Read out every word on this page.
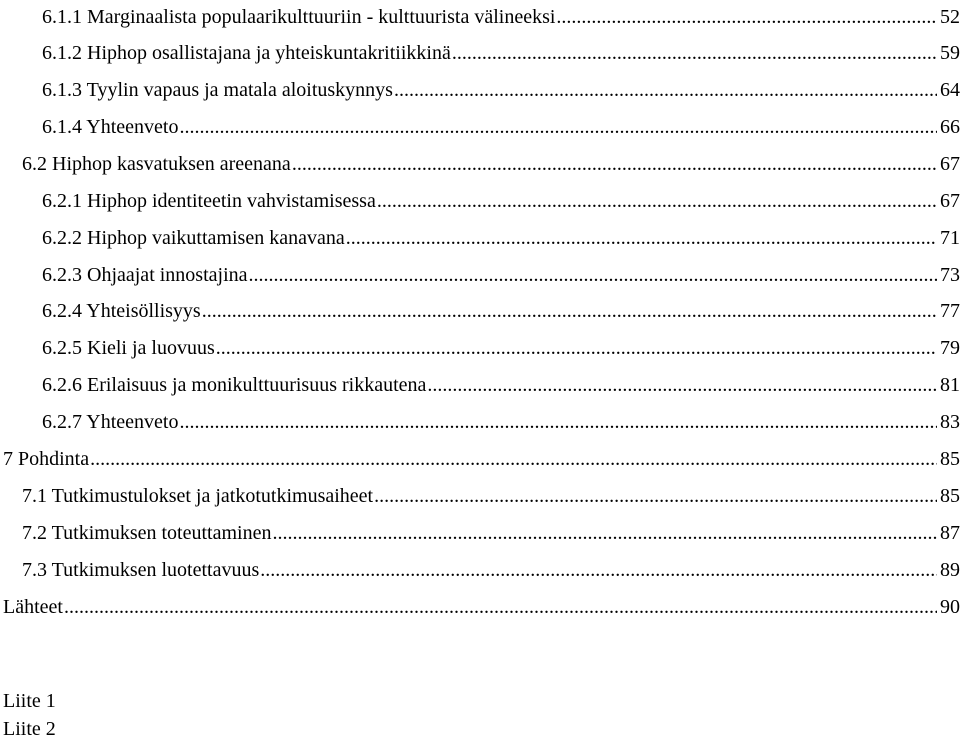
6.1.1 Marginaalista populaarikulttuuriin - kulttuurista välineeksi .....	52
6.1.2 Hiphop osallistajana ja yhteiskuntakritiikkinä .....	59
6.1.3 Tyylin vapaus ja matala aloituskynnys .....	64
6.1.4 Yhteenveto .....	66
6.2 Hiphop kasvatuksen areenana .....	67
6.2.1 Hiphop identiteetin vahvistamisessa .....	67
6.2.2 Hiphop vaikuttamisen kanavana .....	71
6.2.3 Ohjaajat innostajina .....	73
6.2.4 Yhteisöllisyys .....	77
6.2.5 Kieli ja luovuus .....	79
6.2.6 Erilaisuus ja monikulttuurisuus rikkautena .....	81
6.2.7 Yhteenveto .....	83
7 Pohdinta .....	85
7.1 Tutkimustulokset ja jatkotutkimusaiheet .....	85
7.2 Tutkimuksen toteuttaminen .....	87
7.3 Tutkimuksen luotettavuus .....	89
Lähteet .....	90
Liite 1
Liite 2
